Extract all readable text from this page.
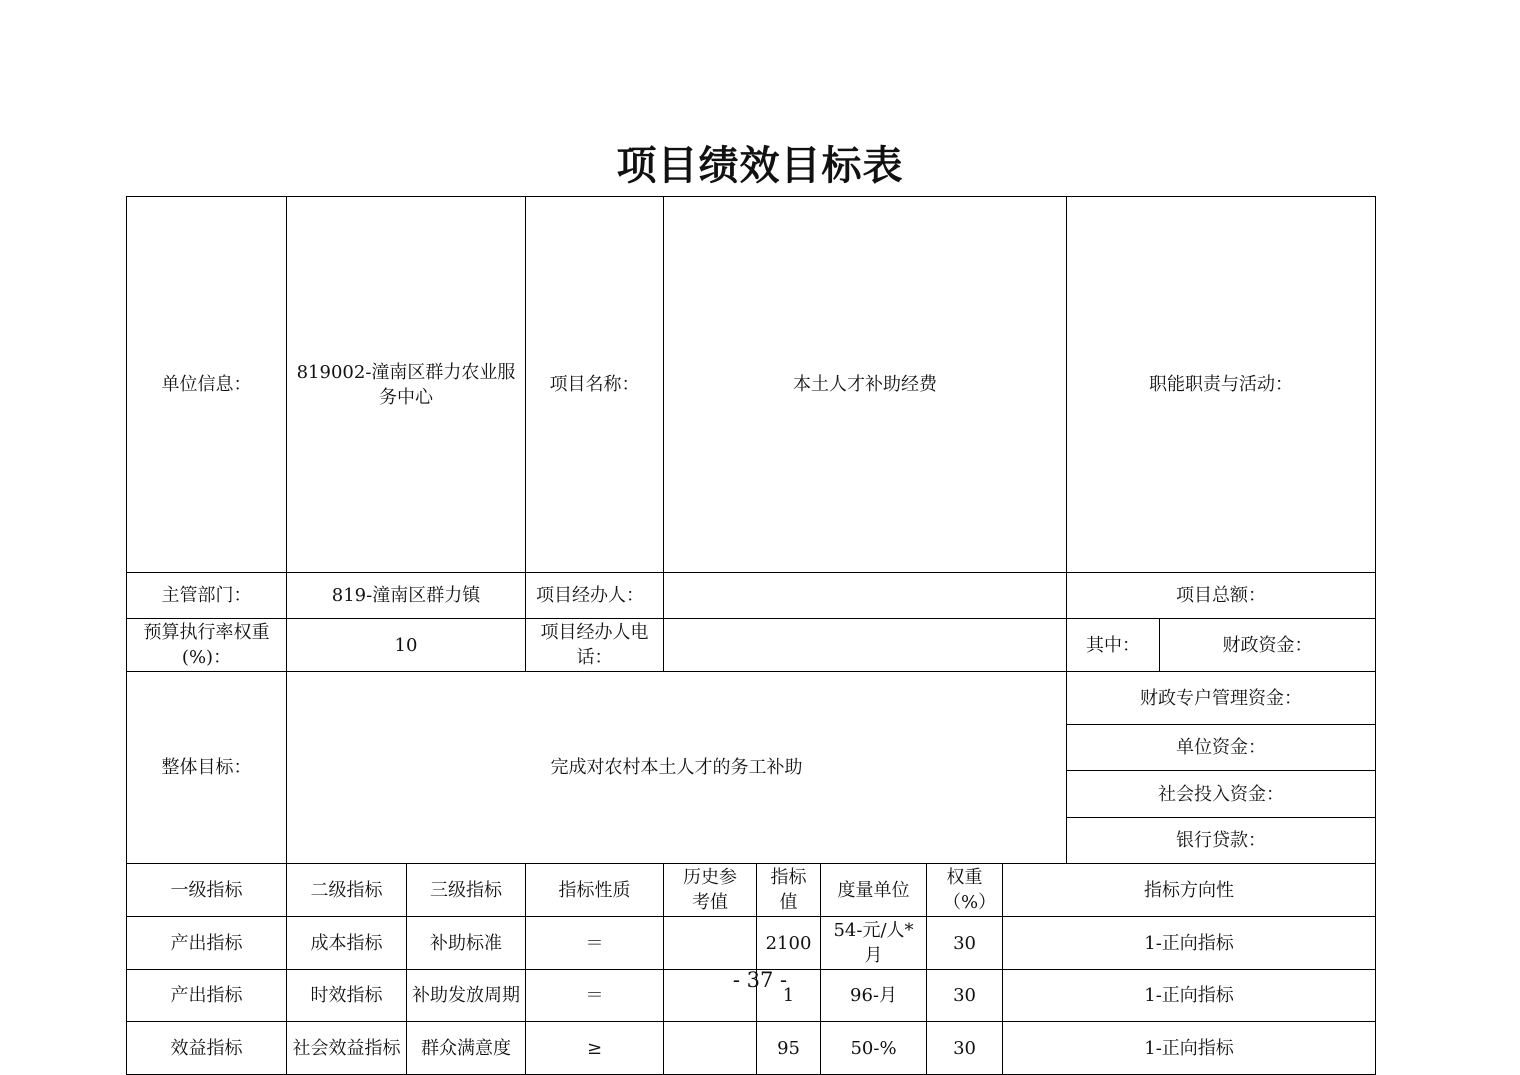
项目绩效目标表
单位信息：	819002-潼南区群力农业服务中心		项目名称：	本土人才补助经费					职能职责与活动：	
主管部门：	819-潼南区群力镇		项目经办人：						项目总额：	
预算执行率权重(%)：	10		项目经办人电话：						其中：	财政资金：	
整体目标：	完成对农村本土人才的务工补助								财政专户管理资金：	
									单位资金：	
									社会投入资金：	
									银行贷款：	
一级指标	二级指标	三级指标	指标性质	历史参考值	指标值	度量单位	权重（%）	指标方向性			
产出指标	成本指标	补助标准	＝		2100	54-元/人*月	30	1-正向指标			
产出指标	时效指标	补助发放周期	＝		1	96-月	30	1-正向指标			
效益指标	社会效益指标	群众满意度	≥		95	50-%	30	1-正向指标			
- 37 -
